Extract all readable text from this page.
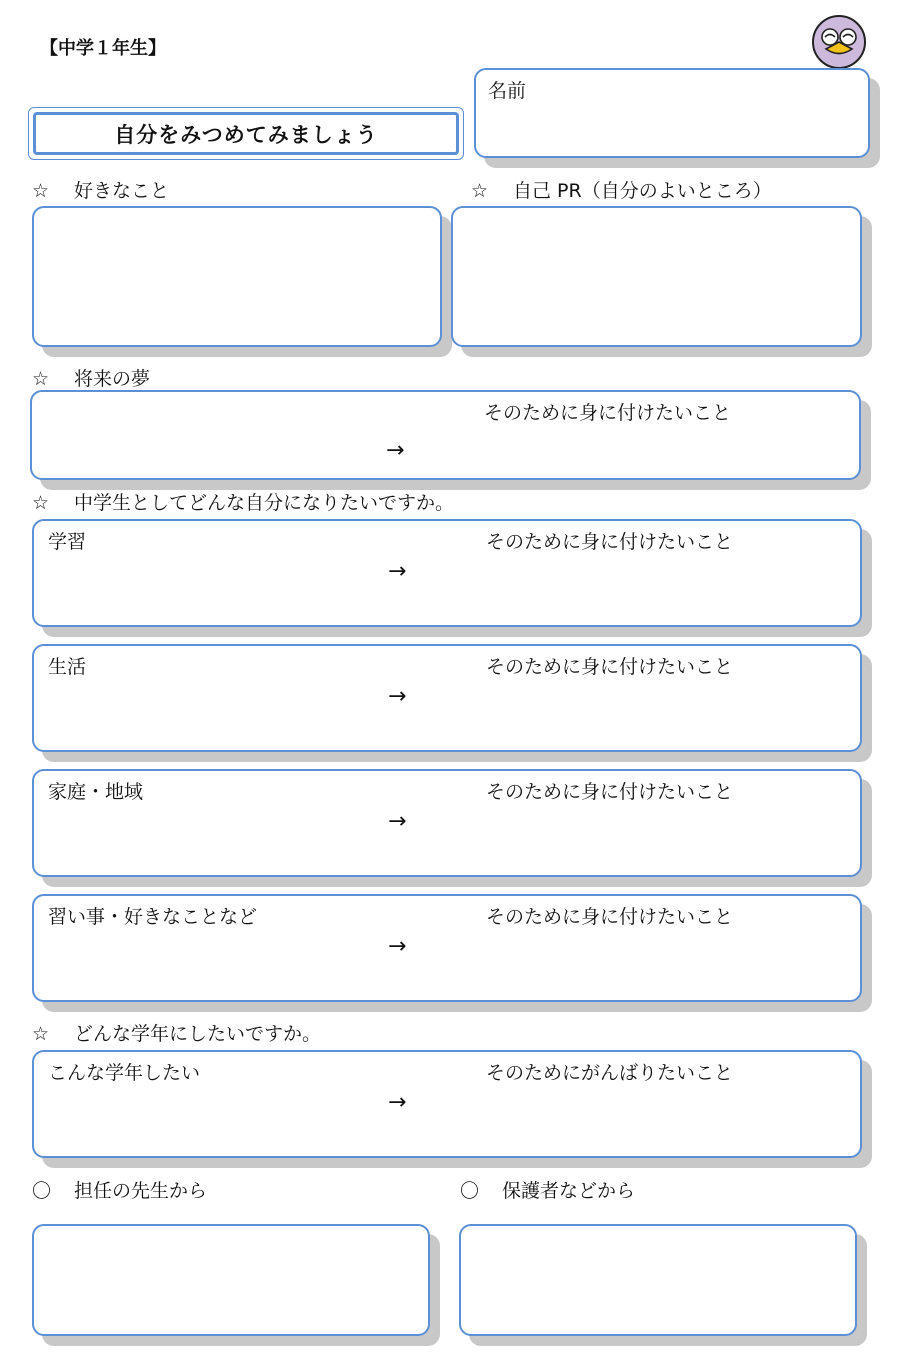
【中学１年生】
自分をみつめてみましょう
名前
☆ 好きなこと	☆ 自己 PR（自分のよいところ）
☆ 将来の夢
そのために身に付けたいこと
→
☆ 中学生としてどんな自分になりたいですか。
学習	そのために身に付けたいこと
→
生活	そのために身に付けたいこと
→
家庭・地域	そのために身に付けたいこと
→
習い事・好きなことなど	そのために身に付けたいこと
→
☆ どんな学年にしたいですか。
こんな学年したい	そのためにがんばりたいこと
→
〇 担任の先生から	〇 保護者などから
